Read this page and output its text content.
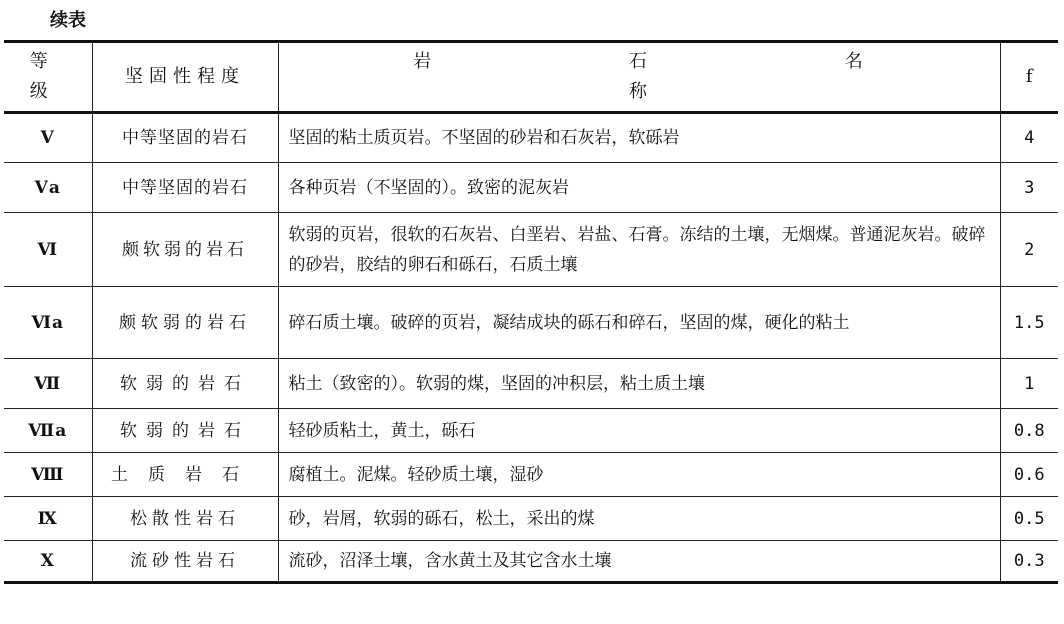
续表
等 级	坚固性程度	岩 石 名 称	f
Ⅴ	中等坚固的岩石	坚固的粘土质页岩。不坚固的砂岩和石灰岩，软砾岩	4
Ⅴa	中等坚固的岩石	各种页岩（不坚固的）。致密的泥灰岩	3
Ⅵ	颇软弱的岩石	软弱的页岩，很软的石灰岩、白垩岩、岩盐、石膏。冻结的土壤，无烟煤。普通泥灰岩。破碎的砂岩，胶结的卵石和砾石，石质土壤	2
Ⅵa	颇软弱的岩石	碎石质土壤。破碎的页岩，凝结成块的砾石和碎石，坚固的煤，硬化的粘土	1.5
Ⅶ	软弱的岩石	粘土（致密的）。软弱的煤，坚固的冲积层，粘土质土壤	1
Ⅶa	软弱的岩石	轻砂质粘土，黄土，砾石	0.8
Ⅷ	土质岩石	腐植土。泥煤。轻砂质土壤，湿砂	0.6
Ⅸ	松散性岩石	砂，岩屑，软弱的砾石，松土，采出的煤	0.5
Ⅹ	流砂性岩石	流砂，沼泽土壤，含水黄土及其它含水土壤	0.3
